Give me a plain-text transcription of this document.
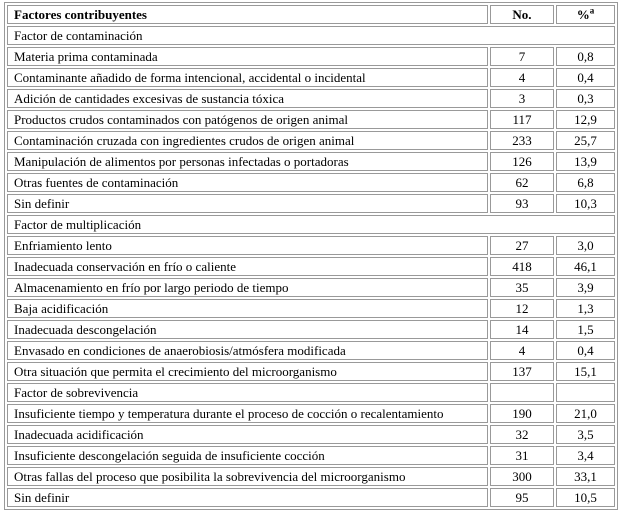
Factores contribuyentes	No.	%$^a$
Factor de contaminación		
Materia prima contaminada	7	0,8
Contaminante añadido de forma intencional, accidental o incidental	4	0,4
Adición de cantidades excesivas de sustancia tóxica	3	0,3
Productos crudos contaminados con patógenos de origen animal	117	12,9
Contaminación cruzada con ingredientes crudos de origen animal	233	25,7
Manipulación de alimentos por personas infectadas o portadoras	126	13,9
Otras fuentes de contaminación	62	6,8
Sin definir	93	10,3
Factor de multiplicación		
Enfriamiento lento	27	3,0
Inadecuada conservación en frío o caliente	418	46,1
Almacenamiento en frío por largo periodo de tiempo	35	3,9
Baja acidificación	12	1,3
Inadecuada descongelación	14	1,5
Envasado en condiciones de anaerobiosis/atmósfera modificada	4	0,4
Otra situación que permita el crecimiento del microorganismo	137	15,1
Factor de sobrevivencia		
Insuficiente tiempo y temperatura durante el proceso de cocción o recalentamiento	190	21,0
Inadecuada acidificación	32	3,5
Insuficiente descongelación seguida de insuficiente cocción	31	3,4
Otras fallas del proceso que posibilita la sobrevivencia del microorganismo	300	33,1
Sin definir	95	10,5
